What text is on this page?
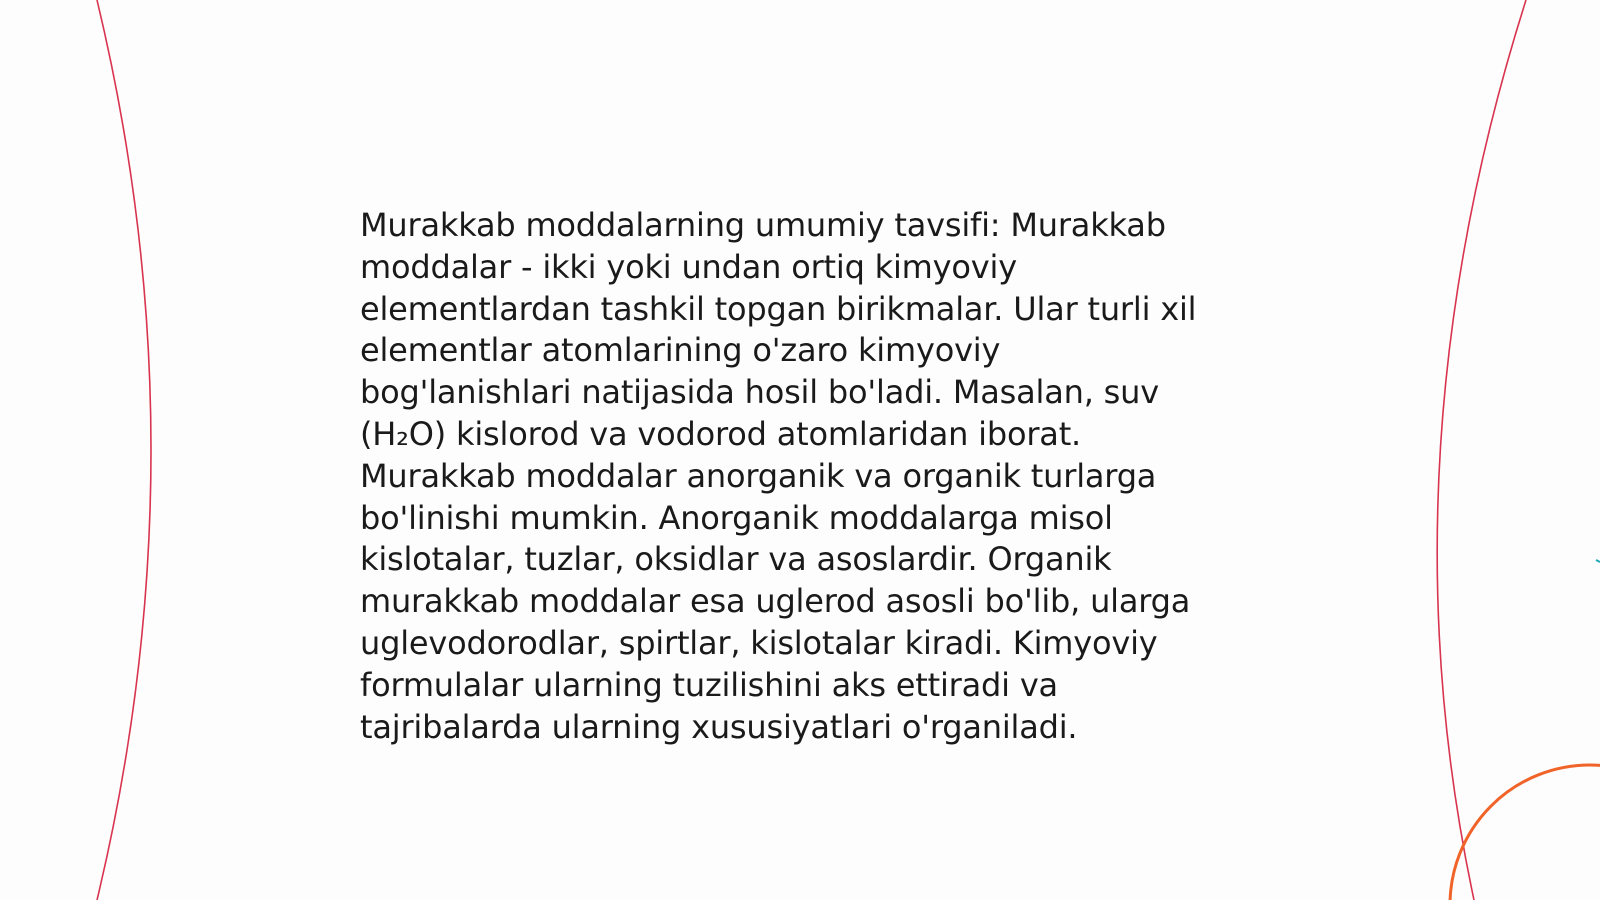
Murakkab moddalarning umumiy tavsifi: Murakkab
moddalar - ikki yoki undan ortiq kimyoviy
elementlardan tashkil topgan birikmalar. Ular turli xil
elementlar atomlarining o'zaro kimyoviy
bog'lanishlari natijasida hosil bo'ladi. Masalan, suv
(H₂O) kislorod va vodorod atomlaridan iborat.
Murakkab moddalar anorganik va organik turlarga
bo'linishi mumkin. Anorganik moddalarga misol
kislotalar, tuzlar, oksidlar va asoslardir. Organik
murakkab moddalar esa uglerod asosli bo'lib, ularga
uglevodorodlar, spirtlar, kislotalar kiradi. Kimyoviy
formulalar ularning tuzilishini aks ettiradi va
tajribalarda ularning xususiyatlari o'rganiladi.
